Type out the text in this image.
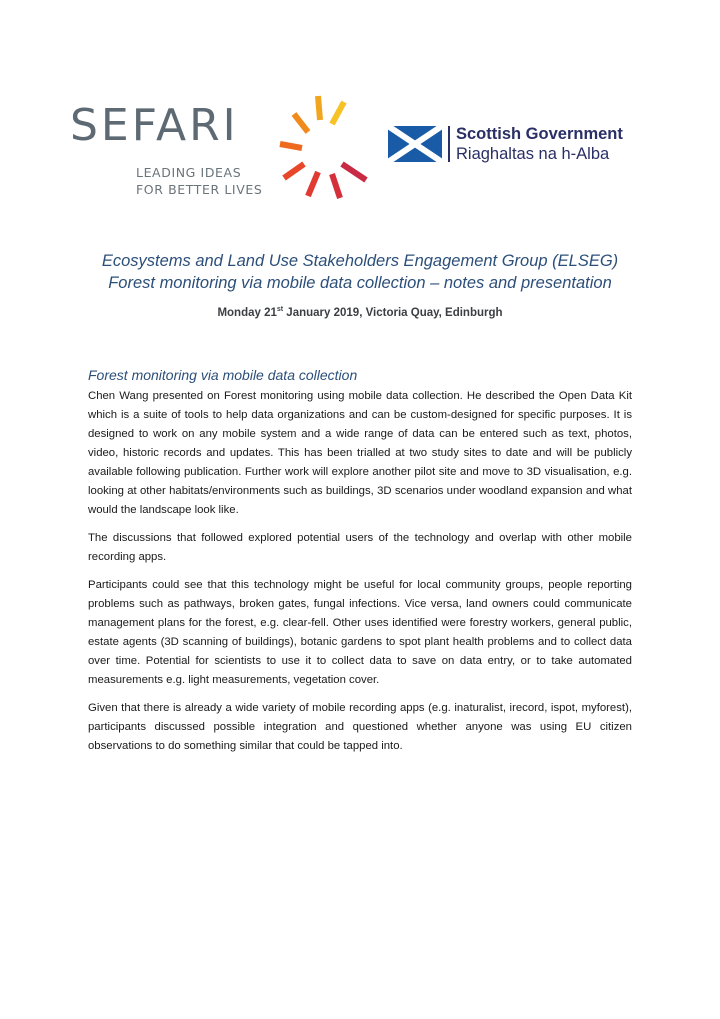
SEFARI
LEADING IDEAS
FOR BETTER LIVES
Scottish Government
Riaghaltas na h-Alba
Ecosystems and Land Use Stakeholders Engagement Group (ELSEG)
Forest monitoring via mobile data collection – notes and presentation
Monday 21st January 2019, Victoria Quay, Edinburgh
Forest monitoring via mobile data collection

Chen Wang presented on Forest monitoring using mobile data collection. He described the Open Data Kit which is a suite of tools to help data organizations and can be custom-designed for specific purposes. It is designed to work on any mobile system and a wide range of data can be entered such as text, photos, video, historic records and updates. This has been trialled at two study sites to date and will be publicly available following publication. Further work will explore another pilot site and move to 3D visualisation, e.g. looking at other habitats/environments such as buildings, 3D scenarios under woodland expansion and what would the landscape look like.

The discussions that followed explored potential users of the technology and overlap with other mobile recording apps.

Participants could see that this technology might be useful for local community groups, people reporting problems such as pathways, broken gates, fungal infections. Vice versa, land owners could communicate management plans for the forest, e.g. clear-fell. Other uses identified were forestry workers, general public, estate agents (3D scanning of buildings), botanic gardens to spot plant health problems and to collect data over time. Potential for scientists to use it to collect data to save on data entry, or to take automated measurements e.g. light measurements, vegetation cover.

Given that there is already a wide variety of mobile recording apps (e.g. inaturalist, irecord, ispot, myforest), participants discussed possible integration and questioned whether anyone was using EU citizen observations to do something similar that could be tapped into.
